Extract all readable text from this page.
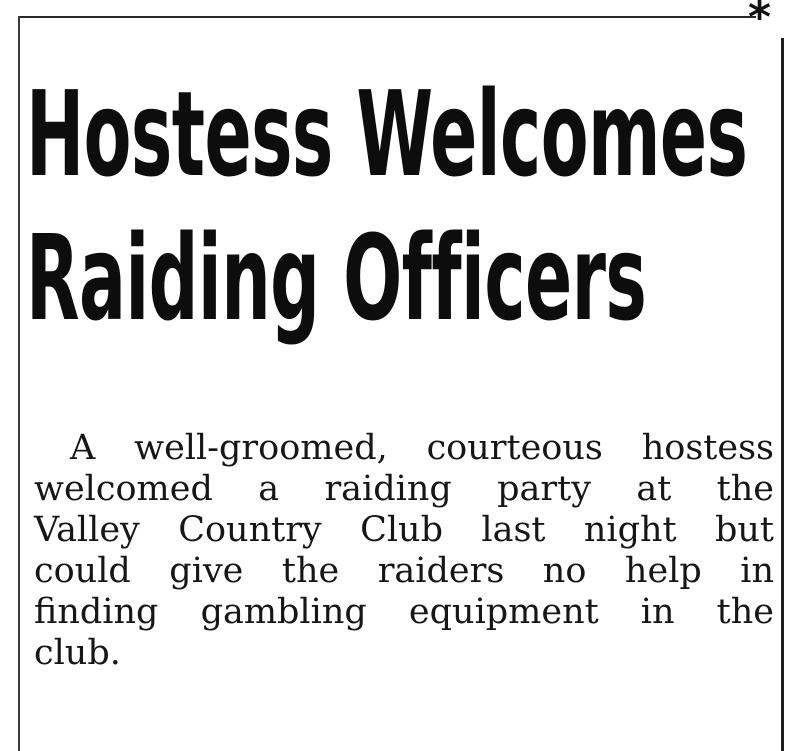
*
Hostess Welcomes
Raiding Officers
A well-groomed, courteous hostess
welcomed a raiding party at the
Valley Country Club last night but
could give the raiders no help in
finding gambling equipment in the
club.
